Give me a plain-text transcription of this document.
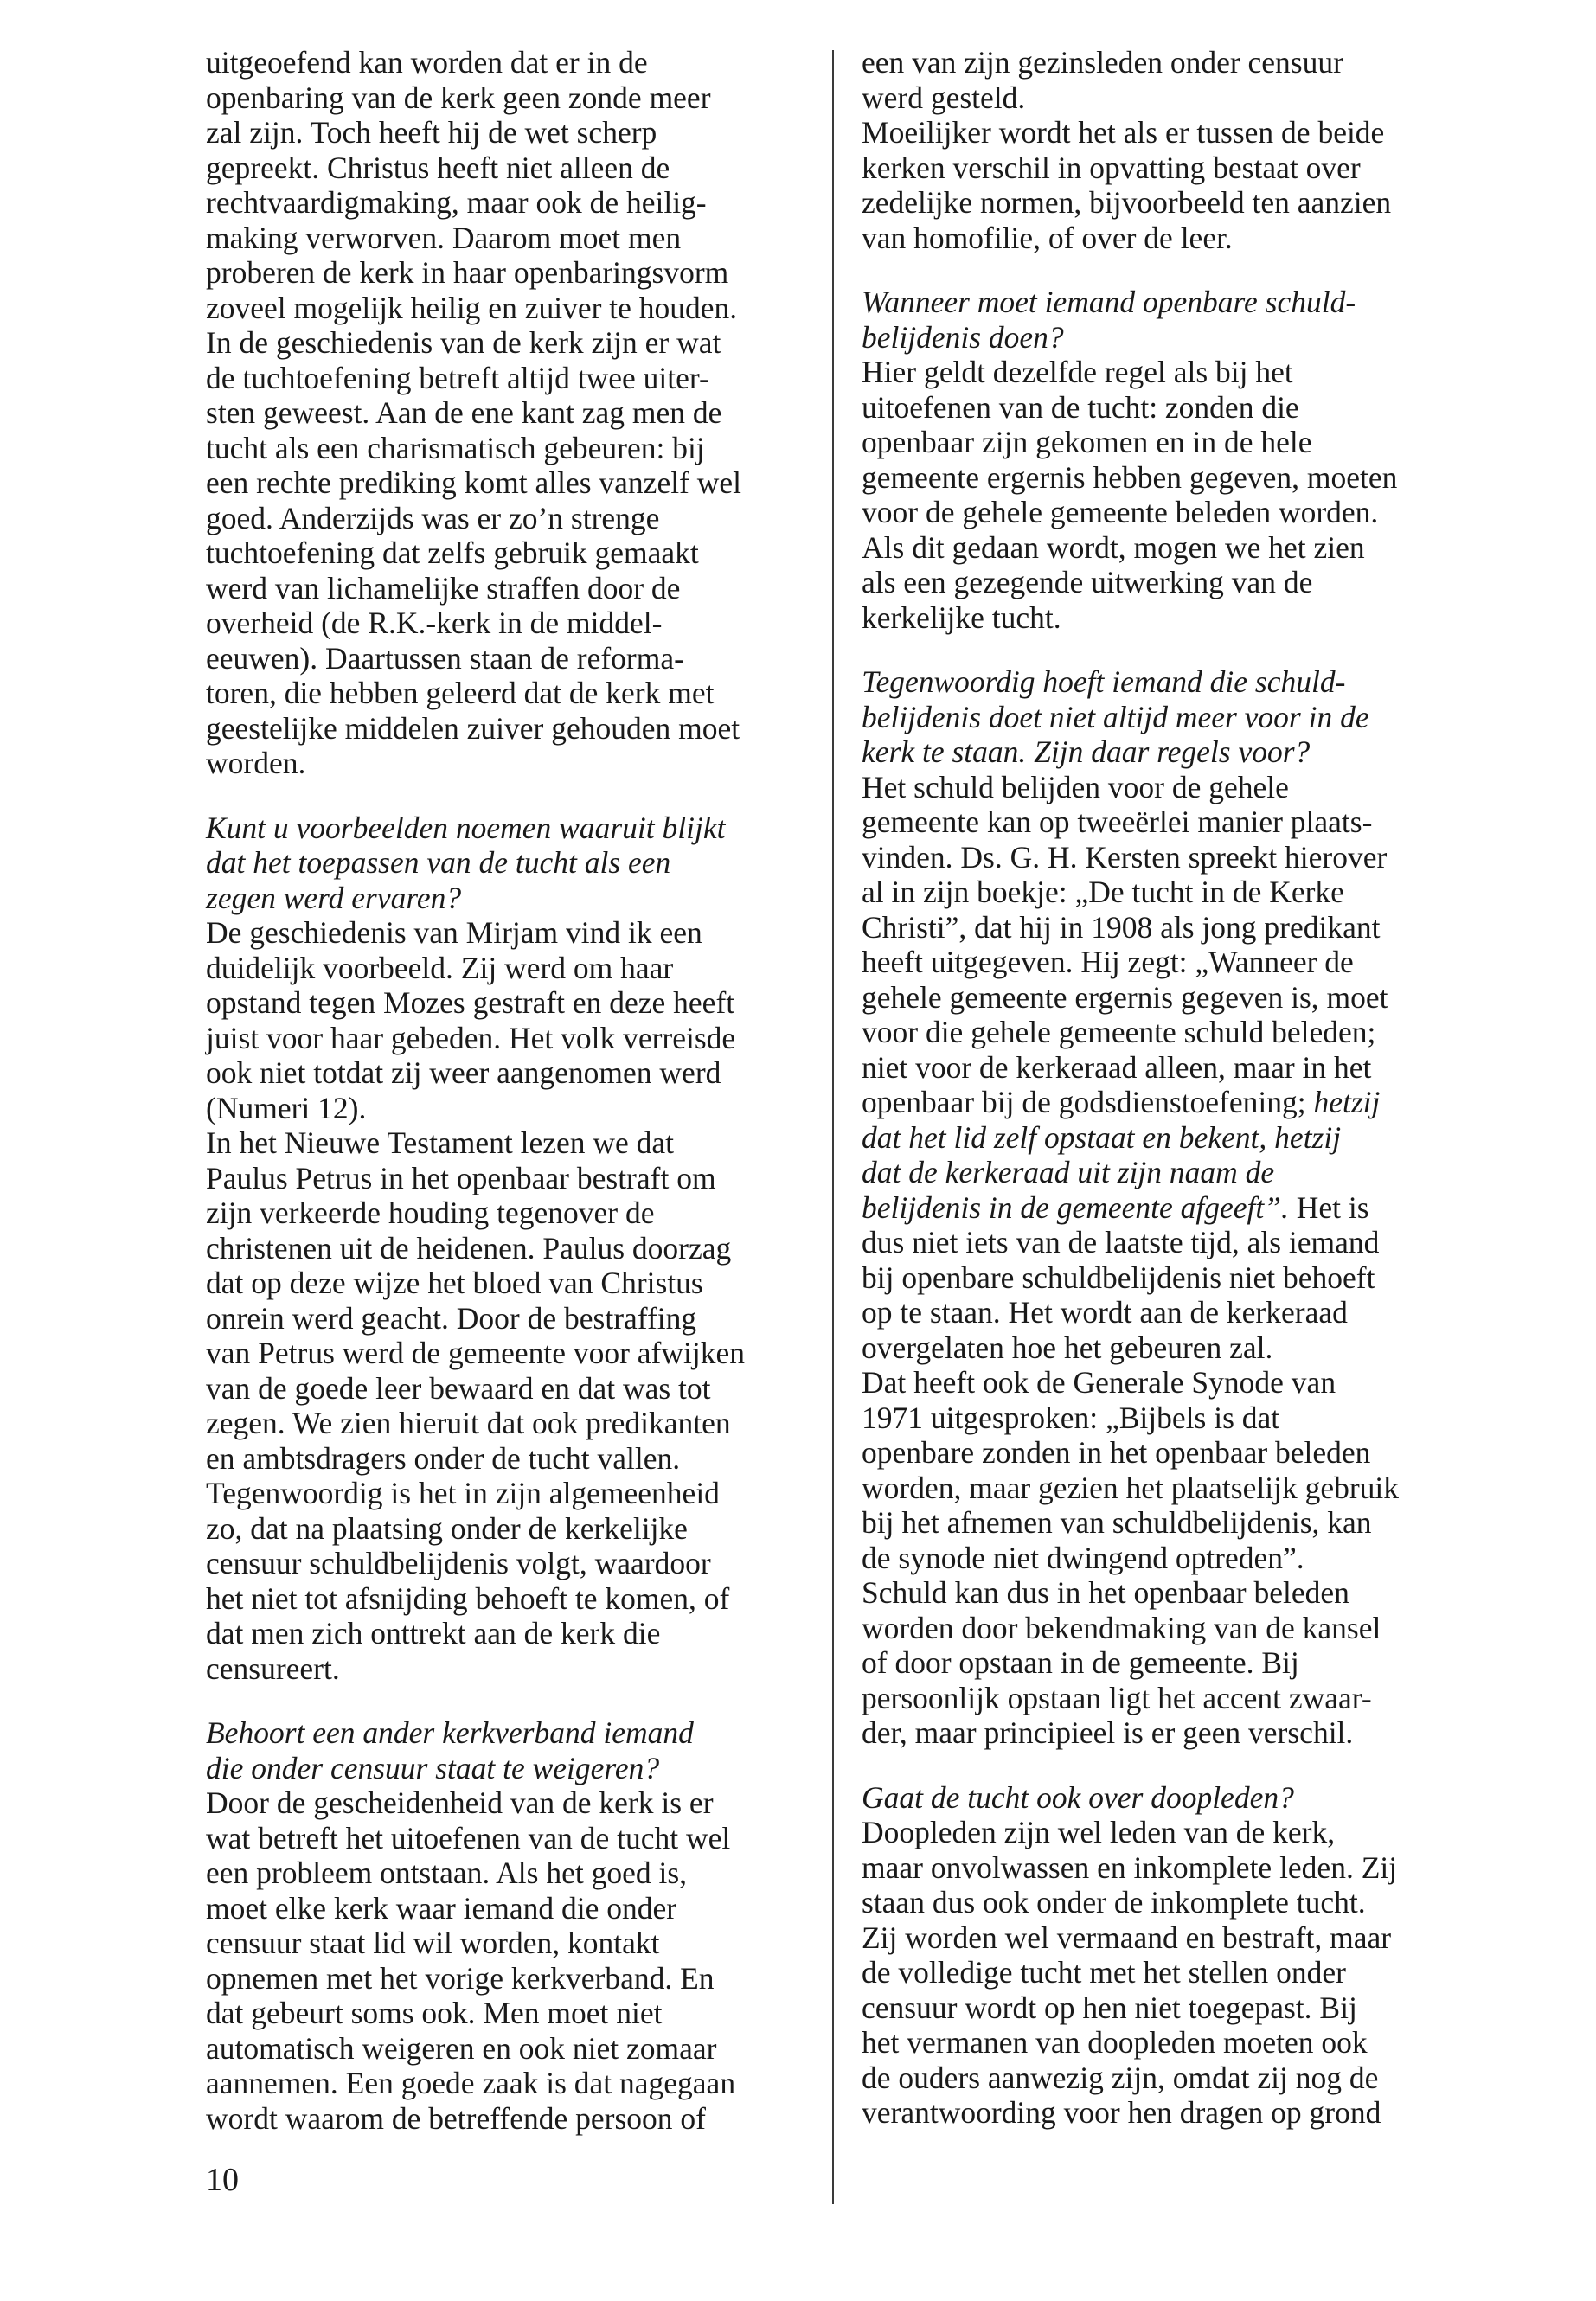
uitgeoefend kan worden dat er in de
openbaring van de kerk geen zonde meer
zal zijn. Toch heeft hij de wet scherp
gepreekt. Christus heeft niet alleen de
rechtvaardigmaking, maar ook de heilig-
making verworven. Daarom moet men
proberen de kerk in haar openbaringsvorm
zoveel mogelijk heilig en zuiver te houden.
In de geschiedenis van de kerk zijn er wat
de tuchtoefening betreft altijd twee uiter-
sten geweest. Aan de ene kant zag men de
tucht als een charismatisch gebeuren: bij
een rechte prediking komt alles vanzelf wel
goed. Anderzijds was er zo’n strenge
tuchtoefening dat zelfs gebruik gemaakt
werd van lichamelijke straffen door de
overheid (de R.K.-kerk in de middel-
eeuwen). Daartussen staan de reforma-
toren, die hebben geleerd dat de kerk met
geestelijke middelen zuiver gehouden moet
worden.
Kunt u voorbeelden noemen waaruit blijkt
dat het toepassen van de tucht als een
zegen werd ervaren?
De geschiedenis van Mirjam vind ik een
duidelijk voorbeeld. Zij werd om haar
opstand tegen Mozes gestraft en deze heeft
juist voor haar gebeden. Het volk verreisde
ook niet totdat zij weer aangenomen werd
(Numeri 12).
In het Nieuwe Testament lezen we dat
Paulus Petrus in het openbaar bestraft om
zijn verkeerde houding tegenover de
christenen uit de heidenen. Paulus doorzag
dat op deze wijze het bloed van Christus
onrein werd geacht. Door de bestraffing
van Petrus werd de gemeente voor afwijken
van de goede leer bewaard en dat was tot
zegen. We zien hieruit dat ook predikanten
en ambtsdragers onder de tucht vallen.
Tegenwoordig is het in zijn algemeenheid
zo, dat na plaatsing onder de kerkelijke
censuur schuldbelijdenis volgt, waardoor
het niet tot afsnijding behoeft te komen, of
dat men zich onttrekt aan de kerk die
censureert.
Behoort een ander kerkverband iemand
die onder censuur staat te weigeren?
Door de gescheidenheid van de kerk is er
wat betreft het uitoefenen van de tucht wel
een probleem ontstaan. Als het goed is,
moet elke kerk waar iemand die onder
censuur staat lid wil worden, kontakt
opnemen met het vorige kerkverband. En
dat gebeurt soms ook. Men moet niet
automatisch weigeren en ook niet zomaar
aannemen. Een goede zaak is dat nagegaan
wordt waarom de betreffende persoon of
een van zijn gezinsleden onder censuur
werd gesteld.
Moeilijker wordt het als er tussen de beide
kerken verschil in opvatting bestaat over
zedelijke normen, bijvoorbeeld ten aanzien
van homofilie, of over de leer.
Wanneer moet iemand openbare schuld-
belijdenis doen?
Hier geldt dezelfde regel als bij het
uitoefenen van de tucht: zonden die
openbaar zijn gekomen en in de hele
gemeente ergernis hebben gegeven, moeten
voor de gehele gemeente beleden worden.
Als dit gedaan wordt, mogen we het zien
als een gezegende uitwerking van de
kerkelijke tucht.
Tegenwoordig hoeft iemand die schuld-
belijdenis doet niet altijd meer voor in de
kerk te staan. Zijn daar regels voor?
Het schuld belijden voor de gehele
gemeente kan op tweeërlei manier plaats-
vinden. Ds. G. H. Kersten spreekt hierover
al in zijn boekje: „De tucht in de Kerke
Christi”, dat hij in 1908 als jong predikant
heeft uitgegeven. Hij zegt: „Wanneer de
gehele gemeente ergernis gegeven is, moet
voor die gehele gemeente schuld beleden;
niet voor de kerkeraad alleen, maar in het
openbaar bij de godsdienstoefening; hetzij
dat het lid zelf opstaat en bekent, hetzij
dat de kerkeraad uit zijn naam de
belijdenis in de gemeente afgeeft”. Het is
dus niet iets van de laatste tijd, als iemand
bij openbare schuldbelijdenis niet behoeft
op te staan. Het wordt aan de kerkeraad
overgelaten hoe het gebeuren zal.
Dat heeft ook de Generale Synode van
1971 uitgesproken: „Bijbels is dat
openbare zonden in het openbaar beleden
worden, maar gezien het plaatselijk gebruik
bij het afnemen van schuldbelijdenis, kan
de synode niet dwingend optreden”.
Schuld kan dus in het openbaar beleden
worden door bekendmaking van de kansel
of door opstaan in de gemeente. Bij
persoonlijk opstaan ligt het accent zwaar-
der, maar principieel is er geen verschil.
Gaat de tucht ook over doopleden?
Doopleden zijn wel leden van de kerk,
maar onvolwassen en inkomplete leden. Zij
staan dus ook onder de inkomplete tucht.
Zij worden wel vermaand en bestraft, maar
de volledige tucht met het stellen onder
censuur wordt op hen niet toegepast. Bij
het vermanen van doopleden moeten ook
de ouders aanwezig zijn, omdat zij nog de
verantwoording voor hen dragen op grond
10
